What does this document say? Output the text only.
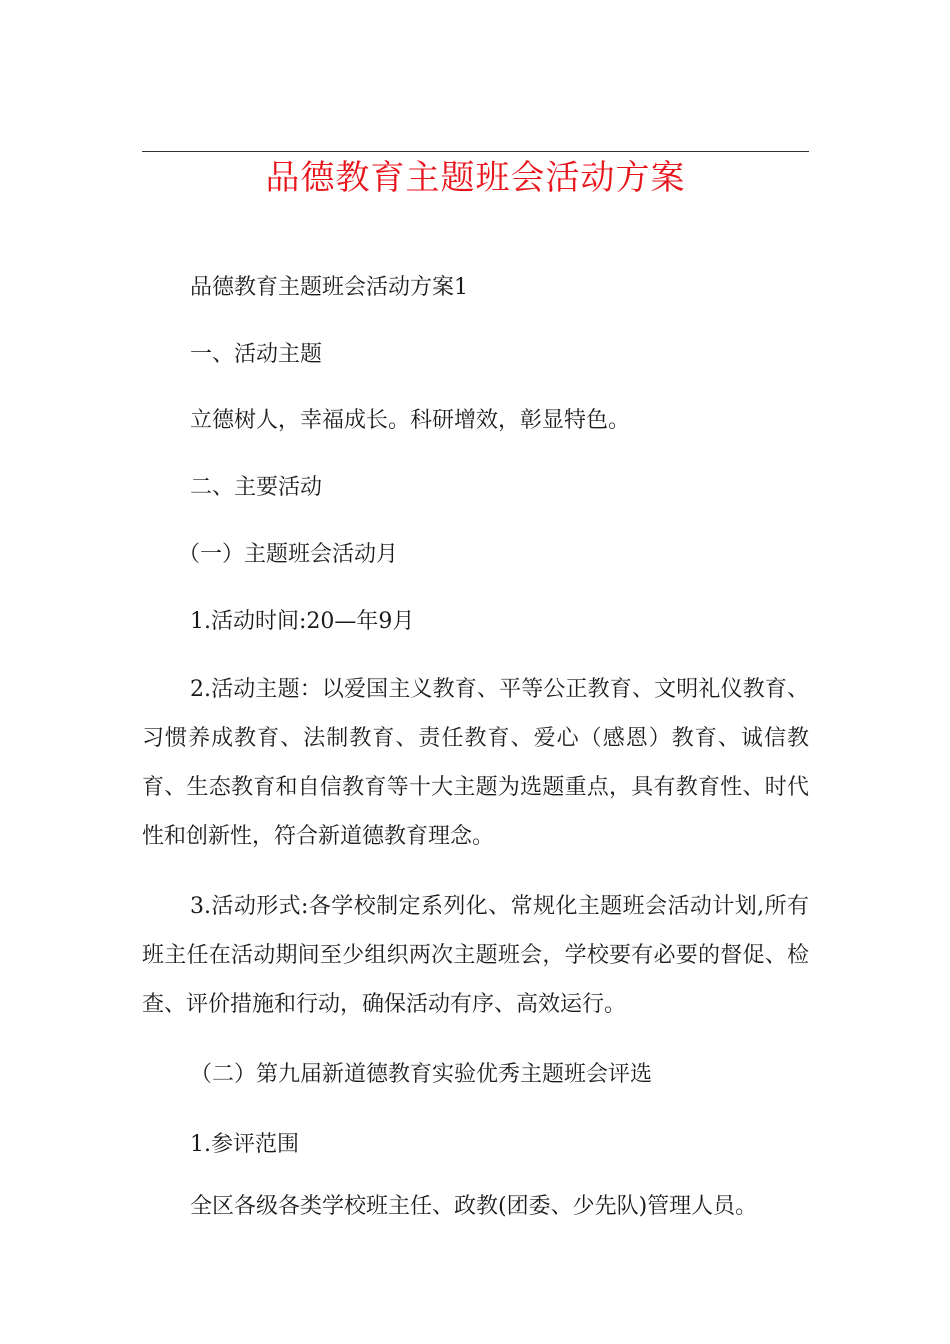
品德教育主题班会活动方案

品德教育主题班会活动方案1

一、活动主题

立德树人，幸福成长。科研增效，彰显特色。

二、主要活动

（一）主题班会活动月

1.活动时间:20—年9月

2.活动主题：以爱国主义教育、平等公正教育、文明礼仪教育、习惯养成教育、法制教育、责任教育、爱心（感恩）教育、诚信教育、生态教育和自信教育等十大主题为选题重点，具有教育性、时代性和创新性，符合新道德教育理念。

3.活动形式:各学校制定系列化、常规化主题班会活动计划,所有班主任在活动期间至少组织两次主题班会，学校要有必要的督促、检查、评价措施和行动，确保活动有序、高效运行。

（二）第九届新道德教育实验优秀主题班会评选

1.参评范围

全区各级各类学校班主任、政教(团委、少先队)管理人员。
